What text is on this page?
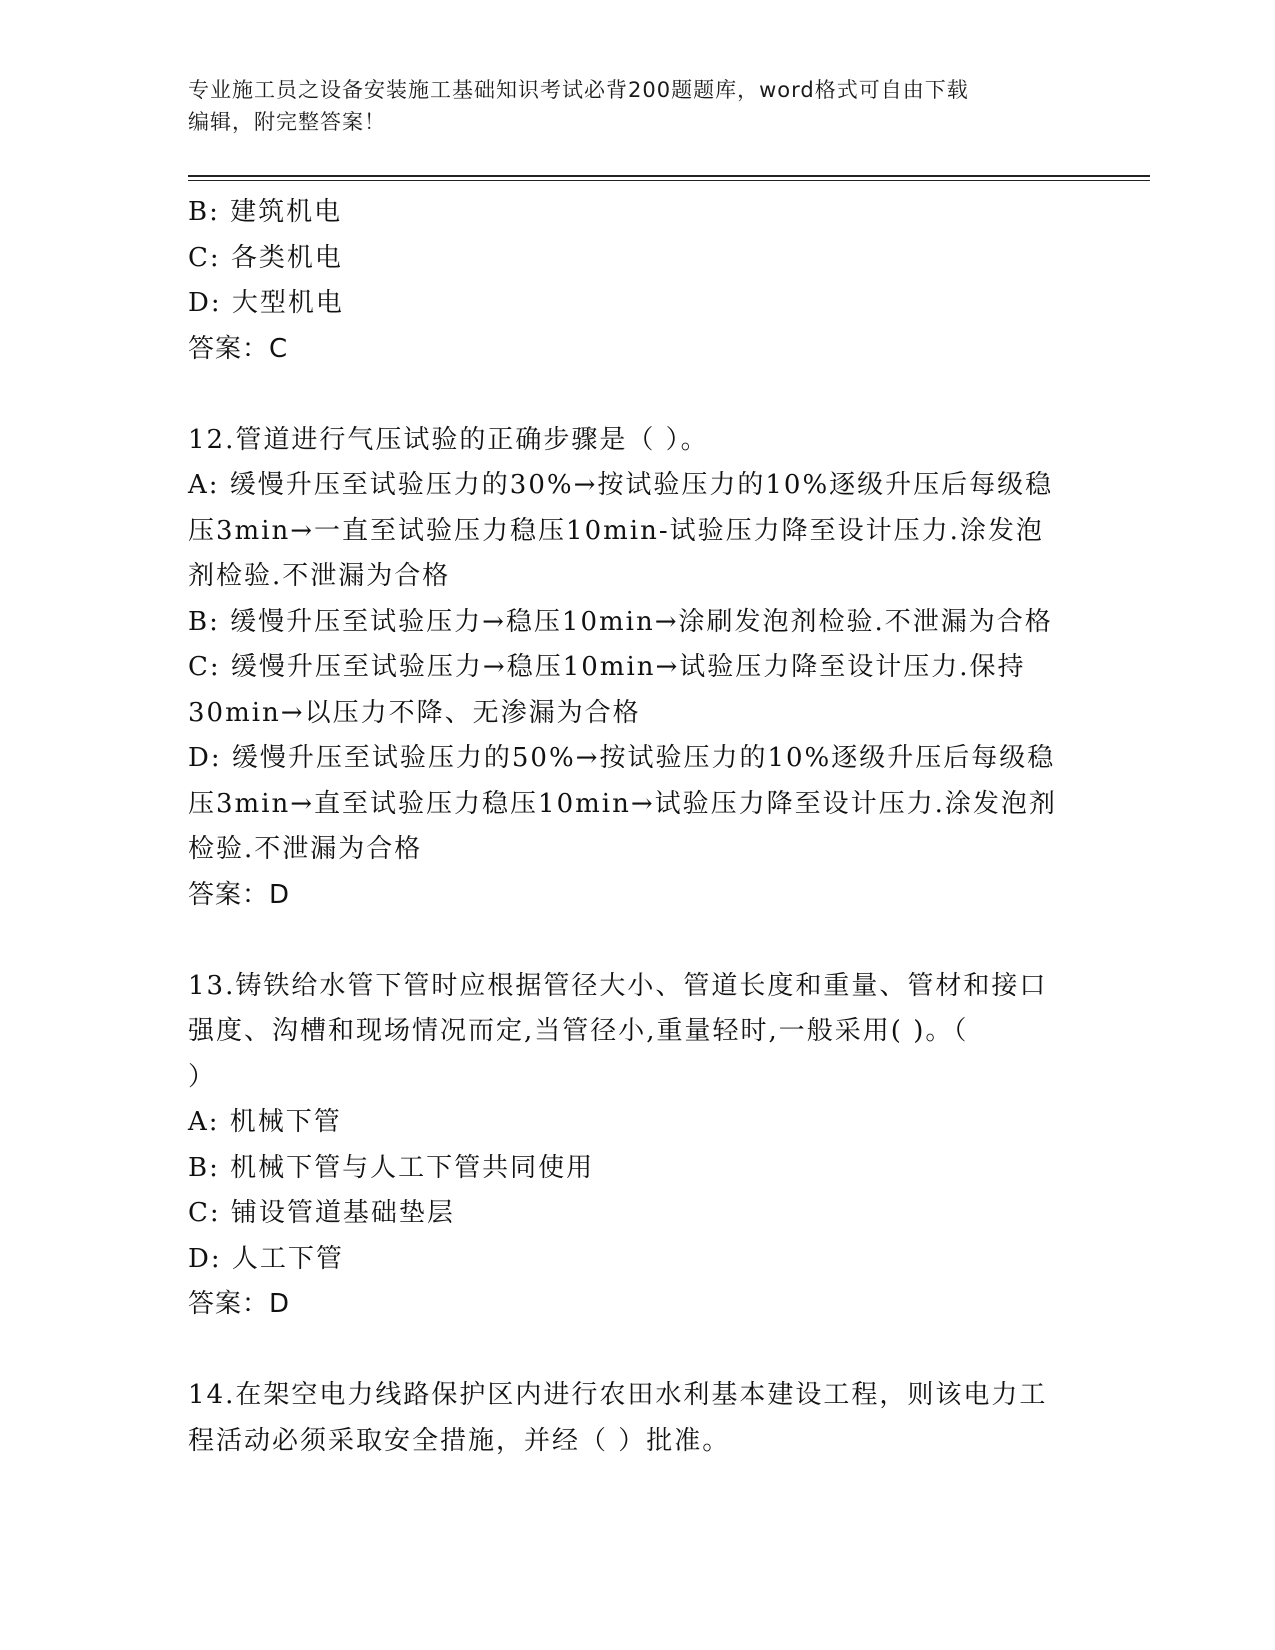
专业施工员之设备安装施工基础知识考试必背200题题库，word格式可自由下载
编辑，附完整答案！
B: 建筑机电
C: 各类机电
D: 大型机电
答案：C
12.管道进行气压试验的正确步骤是（ ）。
A: 缓慢升压至试验压力的30%→按试验压力的10%逐级升压后每级稳
压3min→一直至试验压力稳压10min-试验压力降至设计压力.涂发泡
剂检验.不泄漏为合格
B: 缓慢升压至试验压力→稳压10min→涂刷发泡剂检验.不泄漏为合格
C: 缓慢升压至试验压力→稳压10min→试验压力降至设计压力.保持
30min→以压力不降、无渗漏为合格
D: 缓慢升压至试验压力的50%→按试验压力的10%逐级升压后每级稳
压3min→直至试验压力稳压10min→试验压力降至设计压力.涂发泡剂
检验.不泄漏为合格
答案：D
13.铸铁给水管下管时应根据管径大小、管道长度和重量、管材和接口
强度、沟槽和现场情况而定,当管径小,重量轻时,一般采用( )。（
）
A: 机械下管
B: 机械下管与人工下管共同使用
C: 铺设管道基础垫层
D: 人工下管
答案：D
14.在架空电力线路保护区内进行农田水利基本建设工程，则该电力工
程活动必须采取安全措施，并经（ ）批准。
